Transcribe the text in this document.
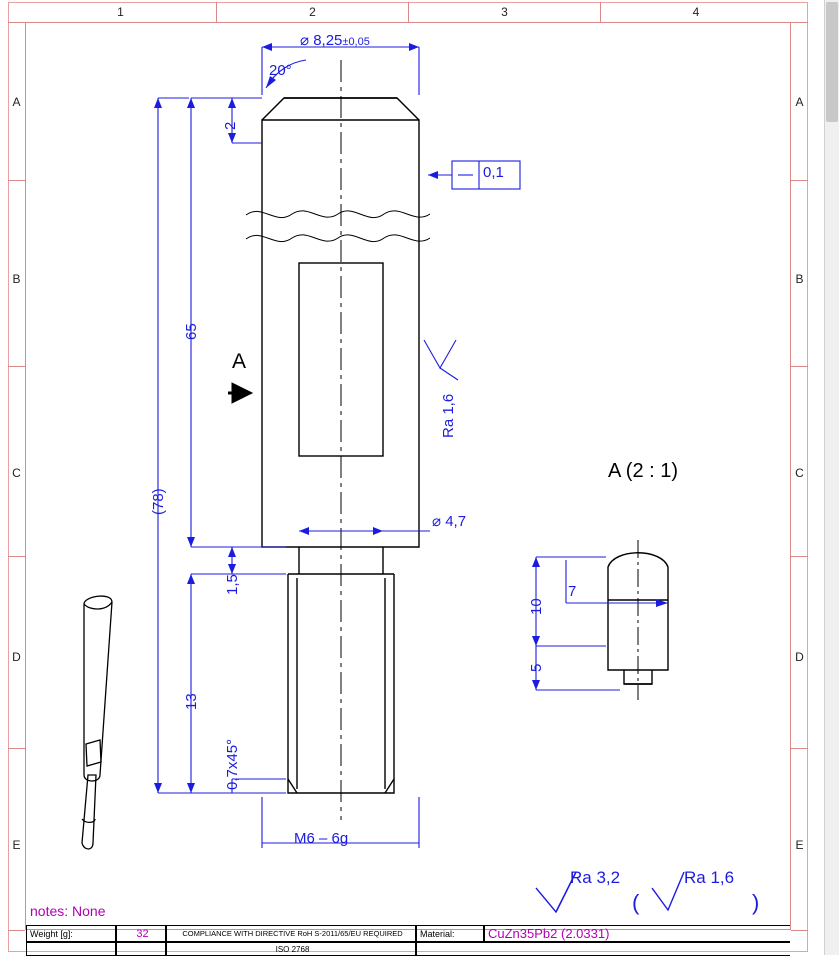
1	2	3	4
A
B
C
D
E
A
B
C
D
E
⌀ 8,25±0,05
20°
2
0,1
65
(78)
13
1,5
0,7x45°
M6 – 6g
⌀ 4,7
Ra 1,6
A
A (2 : 1)
10
5
7
Ra 3,2
(
Ra 1,6
)
notes: None
Weight [g]:	32	COMPLIANCE WITH DIRECTIVE RoH S-2011/65/EU REQUIRED Material:	CuZn35Pb2 (2.0331)
ISO 2768
